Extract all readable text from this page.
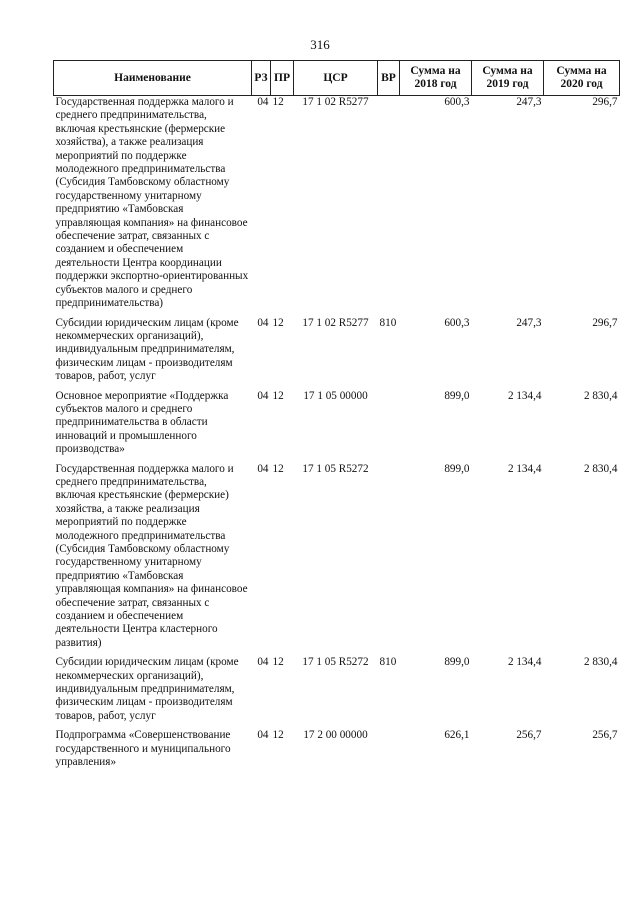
316
Наименование	РЗ	ПР	ЦСР	ВР	Сумма на 2018 год	Сумма на 2019 год	Сумма на 2020 год
Государственная поддержка малого и среднего предпринимательства, включая крестьянские (фермерские хозяйства), а также реализация мероприятий по поддержке молодежного предпринимательства (Субсидия Тамбовскому областному государственному унитарному предприятию «Тамбовская управляющая компания» на финансовое обеспечение затрат, связанных с созданием и обеспечением деятельности Центра координации поддержки экспортно-ориентированных субъектов малого и среднего предпринимательства)	04	12	17 1 02 R5277		600,3	247,3	296,7
Субсидии юридическим лицам (кроме некоммерческих организаций), индивидуальным предпринимателям, физическим лицам - производителям товаров, работ, услуг	04	12	17 1 02 R5277	810	600,3	247,3	296,7
Основное мероприятие «Поддержка субъектов малого и среднего предпринимательства в области инноваций и промышленного производства»	04	12	17 1 05 00000		899,0	2 134,4	2 830,4
Государственная поддержка малого и среднего предпринимательства, включая крестьянские (фермерские) хозяйства, а также реализация мероприятий по поддержке молодежного предпринимательства (Субсидия Тамбовскому областному государственному унитарному предприятию «Тамбовская управляющая компания» на финансовое обеспечение затрат, связанных с созданием и обеспечением деятельности Центра кластерного развития)	04	12	17 1 05 R5272		899,0	2 134,4	2 830,4
Субсидии юридическим лицам (кроме некоммерческих организаций), индивидуальным предпринимателям, физическим лицам - производителям товаров, работ, услуг	04	12	17 1 05 R5272	810	899,0	2 134,4	2 830,4
Подпрограмма «Совершенствование государственного и муниципального управления»	04	12	17 2 00 00000		626,1	256,7	256,7
